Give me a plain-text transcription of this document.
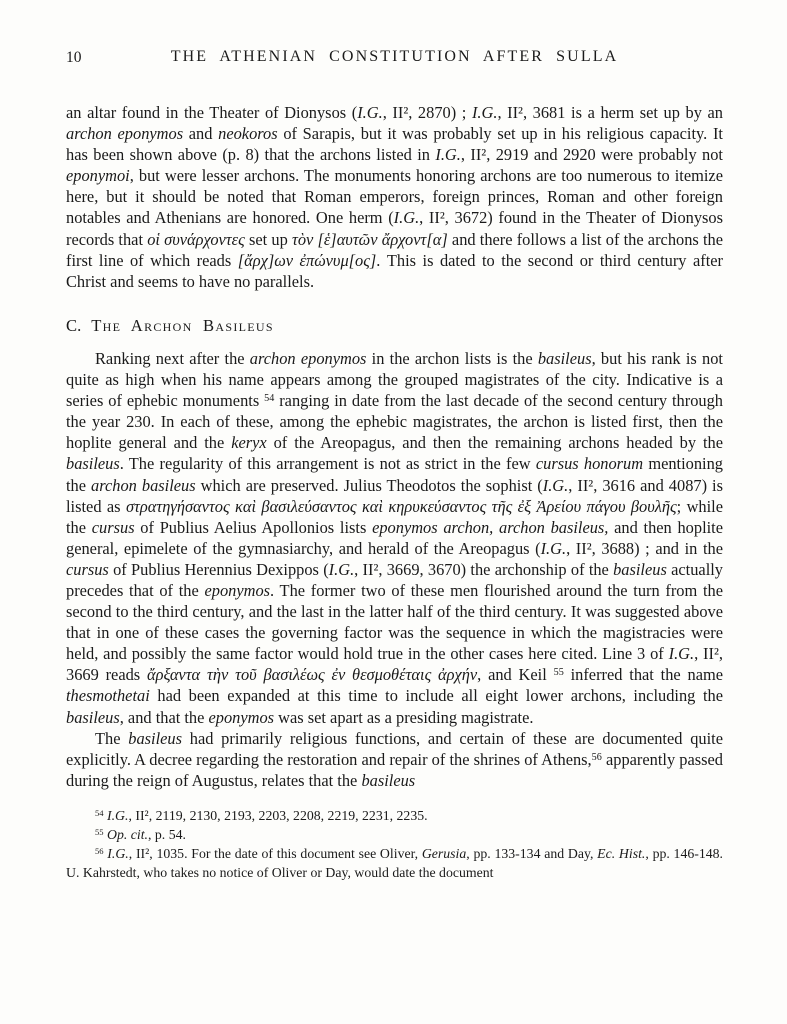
10	THE ATHENIAN CONSTITUTION AFTER SULLA

an altar found in the Theater of Dionysos (I.G., II², 2870) ; I.G., II², 3681 is a herm set up by an archon eponymos and neokoros of Sarapis, but it was probably set up in his religious capacity. It has been shown above (p. 8) that the archons listed in I.G., II², 2919 and 2920 were probably not eponymoi, but were lesser archons. The monuments honoring archons are too numerous to itemize here, but it should be noted that Roman emperors, foreign princes, Roman and other foreign notables and Athenians are honored. One herm (I.G., II², 3672) found in the Theater of Dionysos records that οἱ συνάρχοντες set up τὸν [ἑ]αυτῶν ἄρχοντ[α] and there follows a list of the archons the first line of which reads [ἄρχ]ων ἐπώνυμ[ος]. This is dated to the second or third century after Christ and seems to have no parallels.

C. The Archon Basileus

Ranking next after the archon eponymos in the archon lists is the basileus, but his rank is not quite as high when his name appears among the grouped magistrates of the city. Indicative is a series of ephebic monuments $^{54}$ ranging in date from the last decade of the second century through the year 230. In each of these, among the ephebic magistrates, the archon is listed first, then the hoplite general and the keryx of the Areopagus, and then the remaining archons headed by the basileus. The regularity of this arrangement is not as strict in the few cursus honorum mentioning the archon basileus which are preserved. Julius Theodotos the sophist (I.G., II², 3616 and 4087) is listed as στρατηγήσαντος καὶ βασιλεύσαντος καὶ κηρυκεύσαντος τῆς ἐξ Ἀρείου πάγου βουλῆς; while the cursus of Publius Aelius Apollonios lists eponymos archon, archon basileus, and then hoplite general, epimelete of the gymnasiarchy, and herald of the Areopagus (I.G., II², 3688) ; and in the cursus of Publius Herennius Dexippos (I.G., II², 3669, 3670) the archonship of the basileus actually precedes that of the eponymos. The former two of these men flourished around the turn from the second to the third century, and the last in the latter half of the third century. It was suggested above that in one of these cases the governing factor was the sequence in which the magistracies were held, and possibly the same factor would hold true in the other cases here cited. Line 3 of I.G., II², 3669 reads ἄρξαντα τὴν τοῦ βασιλέως ἐν θεσμοθέταις ἀρχήν, and Keil $^{55}$ inferred that the name thesmothetai had been expanded at this time to include all eight lower archons, including the basileus, and that the eponymos was set apart as a presiding magistrate.

The basileus had primarily religious functions, and certain of these are documented quite explicitly. A decree regarding the restoration and repair of the shrines of Athens,$^{56}$ apparently passed during the reign of Augustus, relates that the basileus

$^{54}$ I.G., II², 2119, 2130, 2193, 2203, 2208, 2219, 2231, 2235.

$^{55}$ Op. cit., p. 54.

$^{56}$ I.G., II², 1035. For the date of this document see Oliver, Gerusia, pp. 133-134 and Day, Ec. Hist., pp. 146-148. U. Kahrstedt, who takes no notice of Oliver or Day, would date the document
